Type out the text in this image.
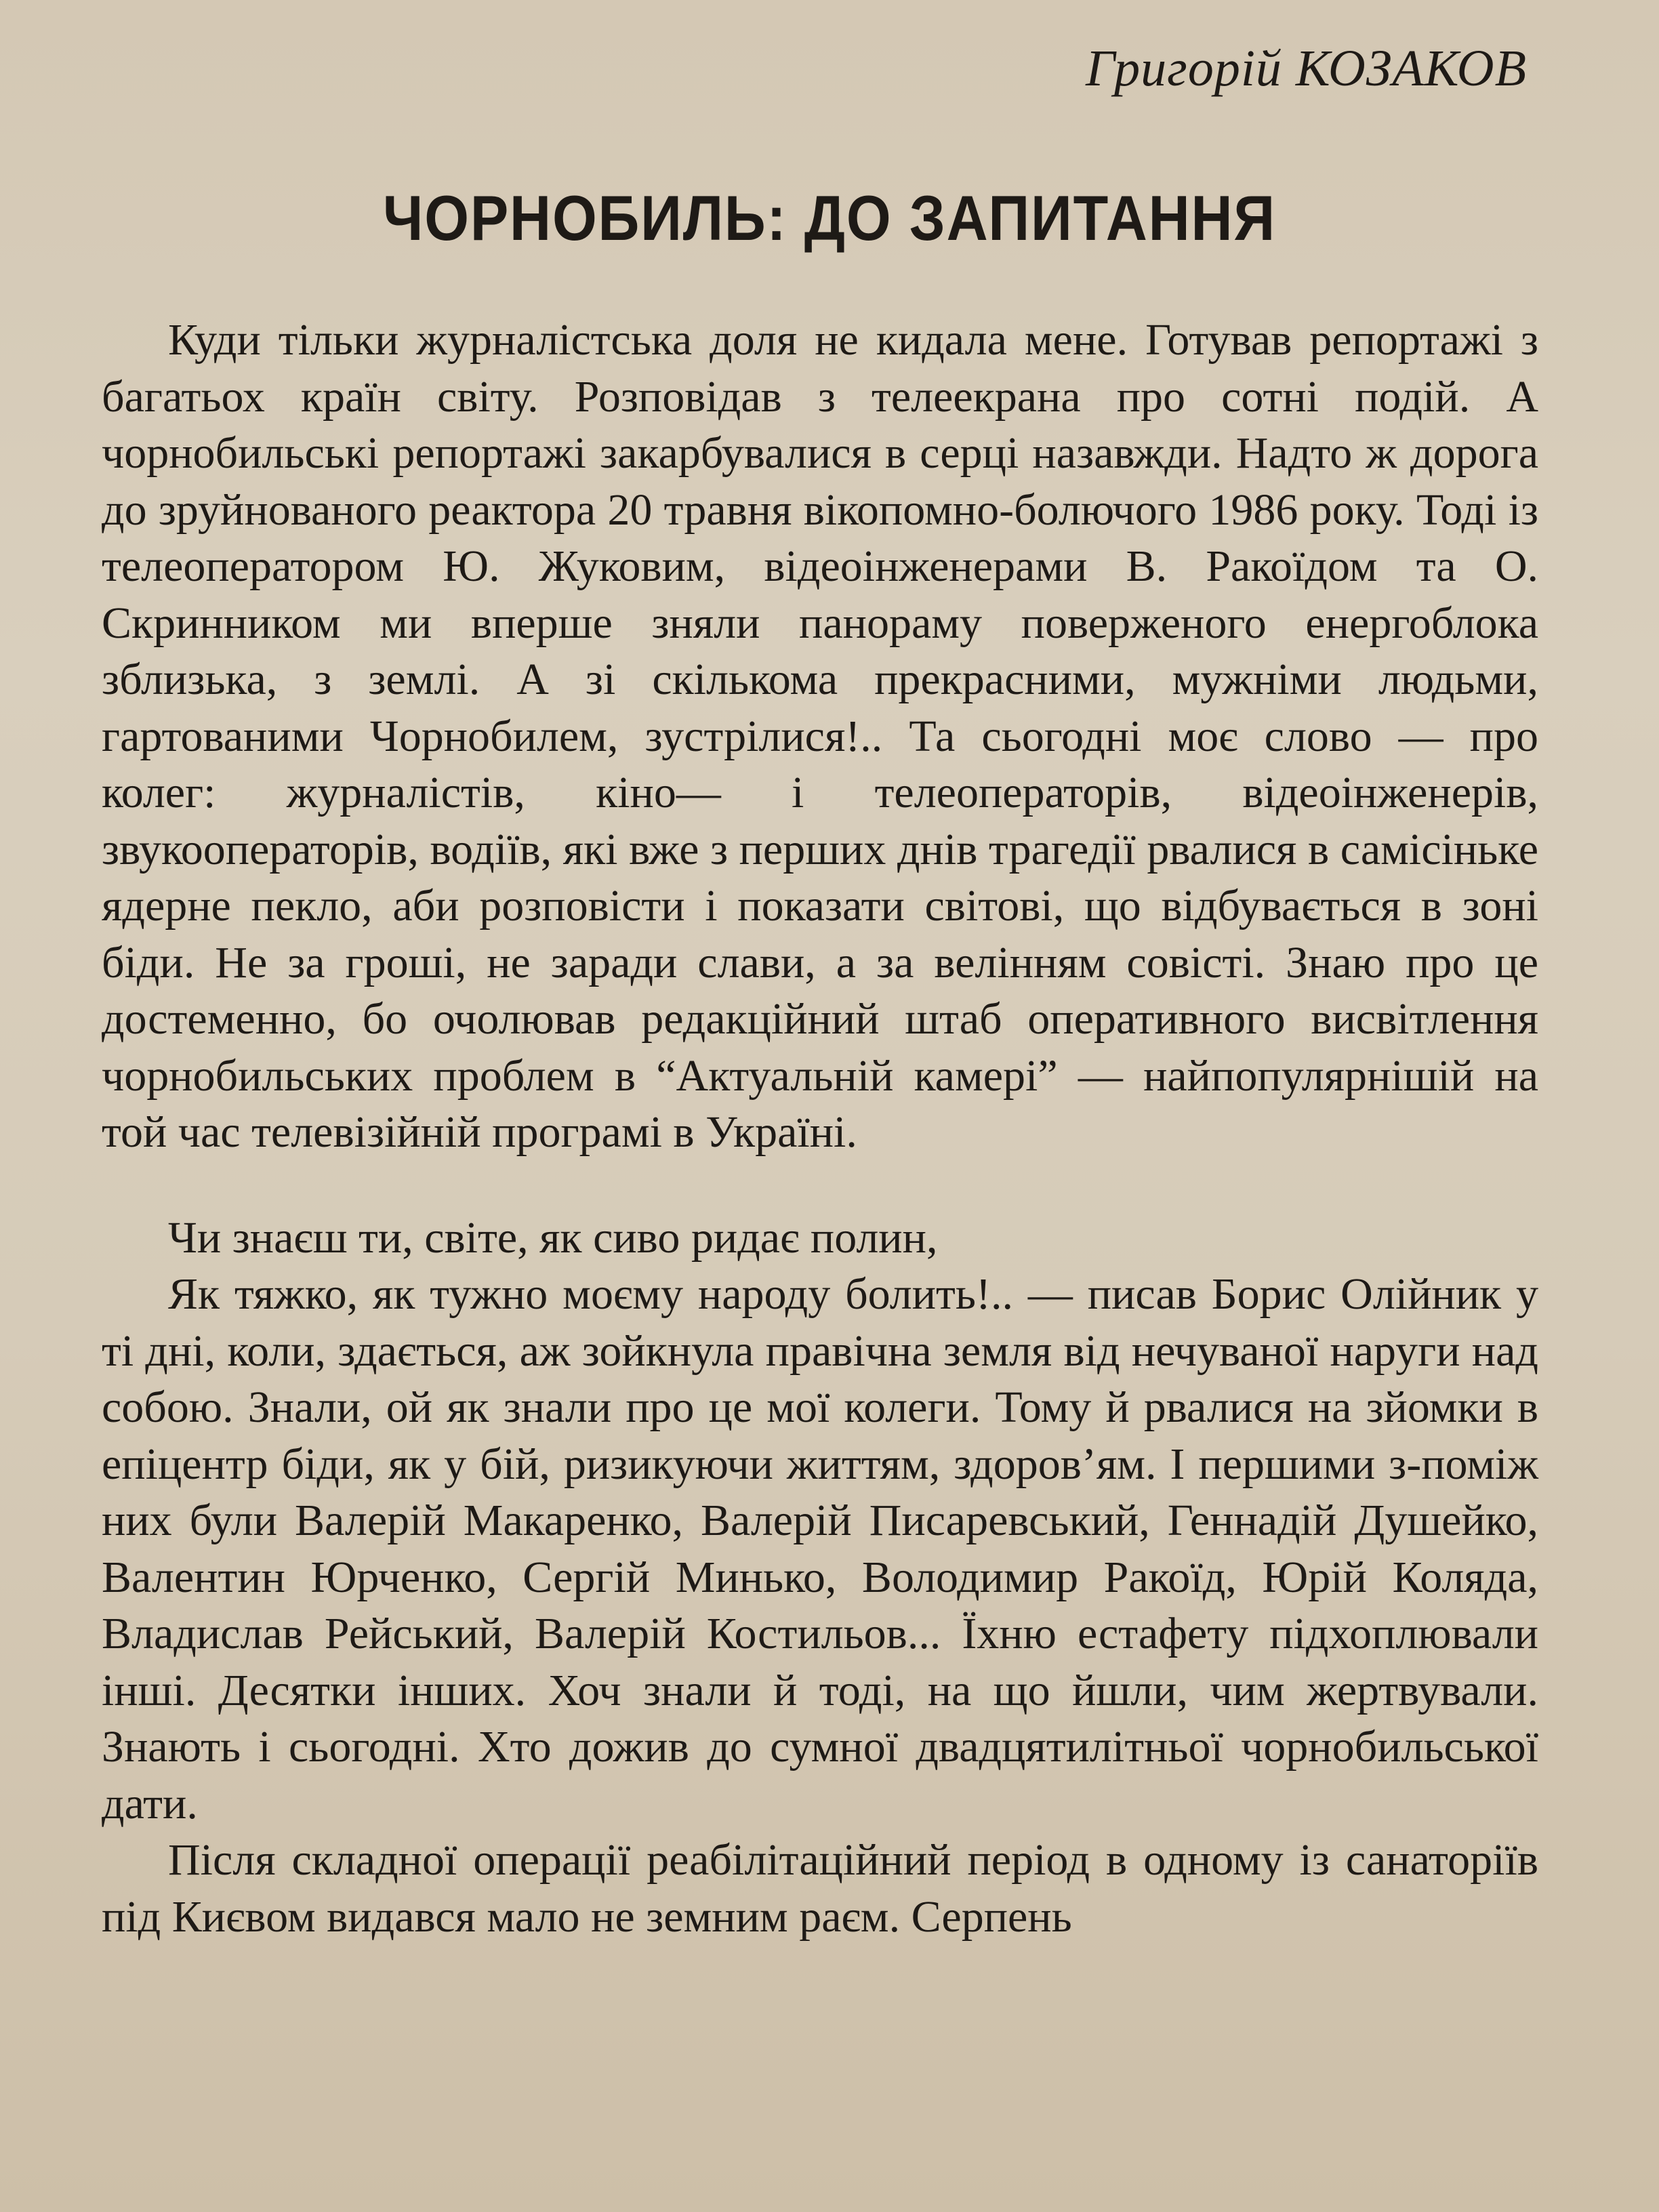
Григорій КОЗАКОВ
ЧОРНОБИЛЬ: ДО ЗАПИТАННЯ

Куди тільки журналістська доля не кидала мене. Готував репортажі з багатьох країн світу. Розповідав з телеекрана про сотні подій. А чорнобильські репортажі закарбувалися в серці назавжди. Надто ж дорога до зруйнованого реактора 20 травня вікопомно-болючого 1986 року. Тоді із телеоператором Ю. Жуковим, відеоінженерами В. Ракоїдом та О. Скринником ми вперше зняли панораму поверженого енергоблока зблизька, з землі. А зі скількома прекрасними, мужніми людьми, гартованими Чорнобилем, зустрілися!.. Та сьогодні моє слово — про колег: журналістів, кіно— і телеоператорів, відеоінженерів, звукооператорів, водіїв, які вже з перших днів трагедії рвалися в самісіньке ядерне пекло, аби розповісти і показати світові, що відбувається в зоні біди. Не за гроші, не заради слави, а за велінням совісті. Знаю про це достеменно, бо очолював редакційний штаб оперативного висвітлення чорнобильських проблем в “Актуальній камері” — найпопулярнішій на той час телевізійній програмі в Україні.

Чи знаєш ти, світе, як сиво ридає полин,

Як тяжко, як тужно моєму народу болить!.. — писав Борис Олійник у ті дні, коли, здається, аж зойкнула правічна земля від нечуваної наруги над собою. Знали, ой як знали про це мої колеги. Тому й рвалися на зйомки в епіцентр біди, як у бій, ризикуючи життям, здоров’ям. І першими з-поміж них були Валерій Макаренко, Валерій Писаревський, Геннадій Душейко, Валентин Юрченко, Сергій Минько, Володимир Ракоїд, Юрій Коляда, Владислав Рейський, Валерій Костильов... Їхню естафету підхоплювали інші. Десятки інших. Хоч знали й тоді, на що йшли, чим жертвували. Знають і сьогодні. Хто дожив до сумної двадцятилітньої чорнобильської дати.

Після складної операції реабілітаційний період в одному із санаторіїв під Києвом видався мало не земним раєм. Серпень
